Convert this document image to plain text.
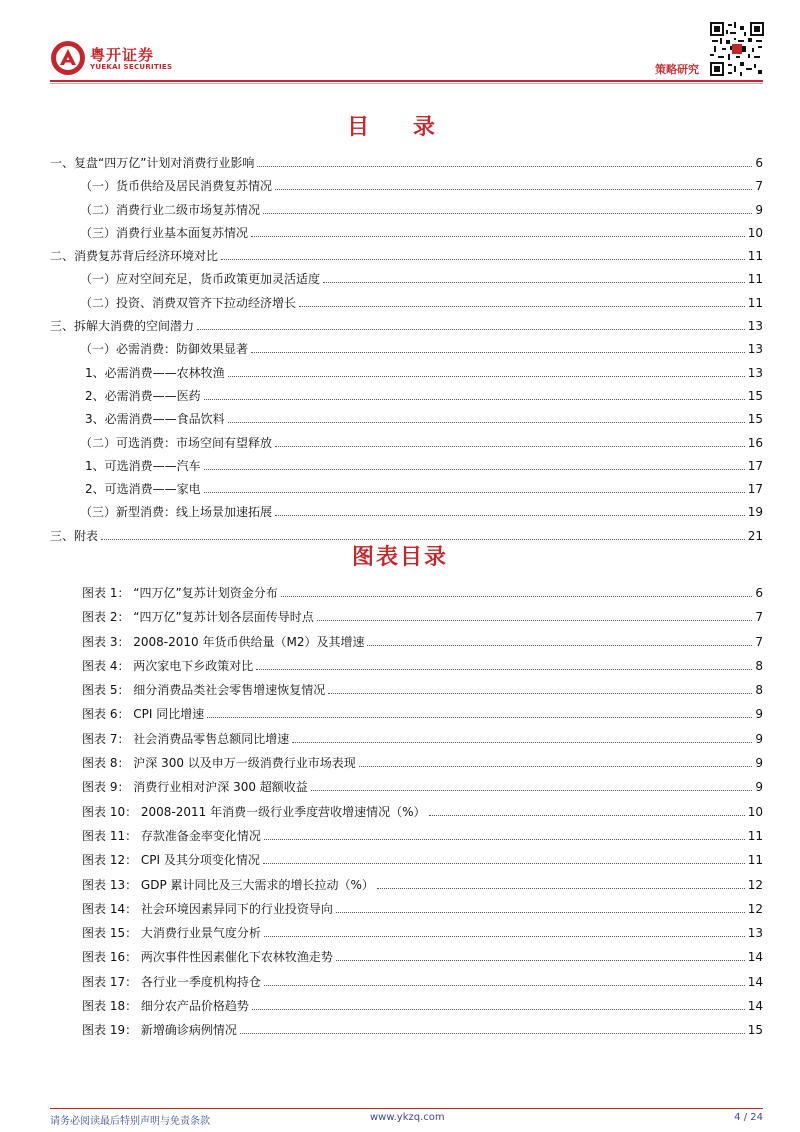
粤开证券
YUEKAI SECURITIES	策略研究
目 录
一、复盘“四万亿”计划对消费行业影响	6
（一）货币供给及居民消费复苏情况	7
（二）消费行业二级市场复苏情况	9
（三）消费行业基本面复苏情况	10
二、消费复苏背后经济环境对比	11
（一）应对空间充足，货币政策更加灵活适度	11
（二）投资、消费双管齐下拉动经济增长	11
三、拆解大消费的空间潜力	13
（一）必需消费：防御效果显著	13
1、必需消费——农林牧渔	13
2、必需消费——医药	15
3、必需消费——食品饮料	15
（二）可选消费：市场空间有望释放	16
1、可选消费——汽车	17
2、可选消费——家电	17
（三）新型消费：线上场景加速拓展	19
三、附表	21
图表目录
图表 1： “四万亿”复苏计划资金分布	6
图表 2： “四万亿”复苏计划各层面传导时点	7
图表 3： 2008-2010 年货币供给量（M2）及其增速	7
图表 4： 两次家电下乡政策对比	8
图表 5： 细分消费品类社会零售增速恢复情况	8
图表 6： CPI 同比增速	9
图表 7： 社会消费品零售总额同比增速	9
图表 8： 沪深 300 以及申万一级消费行业市场表现	9
图表 9： 消费行业相对沪深 300 超额收益	9
图表 10： 2008-2011 年消费一级行业季度营收增速情况（%）	10
图表 11： 存款准备金率变化情况	11
图表 12： CPI 及其分项变化情况	11
图表 13： GDP 累计同比及三大需求的增长拉动（%）	12
图表 14： 社会环境因素异同下的行业投资导向	12
图表 15： 大消费行业景气度分析	13
图表 16： 两次事件性因素催化下农林牧渔走势	14
图表 17： 各行业一季度机构持仓	14
图表 18： 细分农产品价格趋势	14
图表 19： 新增确诊病例情况	15
请务必阅读最后特别声明与免责条款	www.ykzq.com	4 / 24
